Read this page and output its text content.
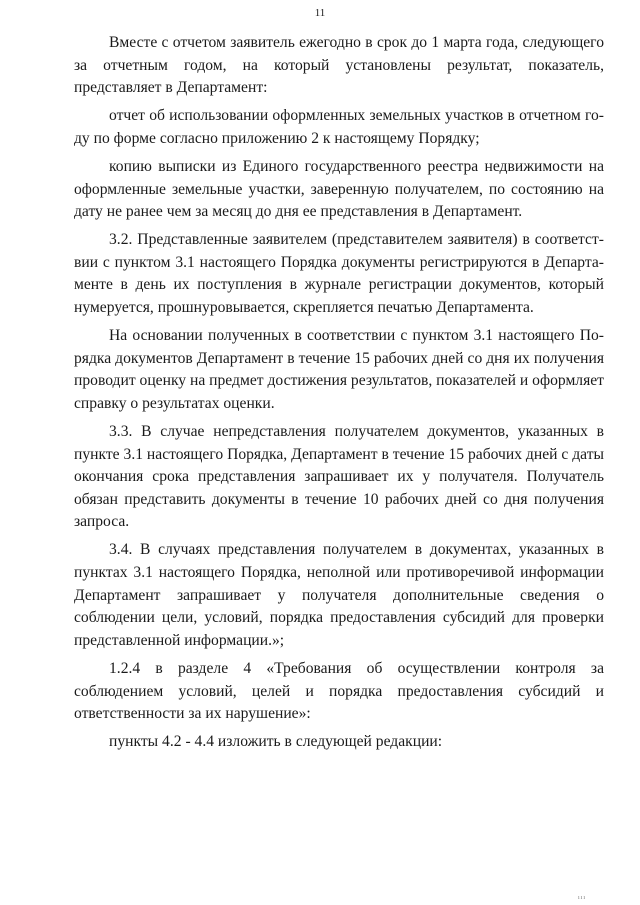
11

Вместе с отчетом заявитель ежегодно в срок до 1 марта года, следующего за отчетным годом, на который установлены результат, показатель, представляет в Департамент:

отчет об использовании оформленных земельных участков в отчетном году по форме согласно приложению 2 к настоящему Порядку;

копию выписки из Единого государственного реестра недвижимости на оформленные земельные участки, заверенную получателем, по состоянию на дату не ранее чем за месяц до дня ее представления в Департамент.

3.2. Представленные заявителем (представителем заявителя) в соответствии с пунктом 3.1 настоящего Порядка документы регистрируются в Департаменте в день их поступления в журнале регистрации документов, который нумеруется, прошнуровывается, скрепляется печатью Департамента.

На основании полученных в соответствии с пунктом 3.1 настоящего Порядка документов Департамент в течение 15 рабочих дней со дня их получения проводит оценку на предмет достижения результатов, показателей и оформляет справку о результатах оценки.

3.3. В случае непредставления получателем документов, указанных в пункте 3.1 настоящего Порядка, Департамент в течение 15 рабочих дней с даты окончания срока представления запрашивает их у получателя. Получатель обязан представить документы в течение 10 рабочих дней со дня получения запроса.

3.4. В случаях представления получателем в документах, указанных в пунктах 3.1 настоящего Порядка, неполной или противоречивой информации Департамент запрашивает у получателя дополнительные сведения о соблюдении цели, условий, порядка предоставления субсидий для проверки представленной информации.»;

1.2.4 в разделе 4 «Требования об осуществлении контроля за соблюдением условий, целей и порядка предоставления субсидий и ответственности за их нарушение»:

пункты 4.2 - 4.4 изложить в следующей редакции:

ııı
